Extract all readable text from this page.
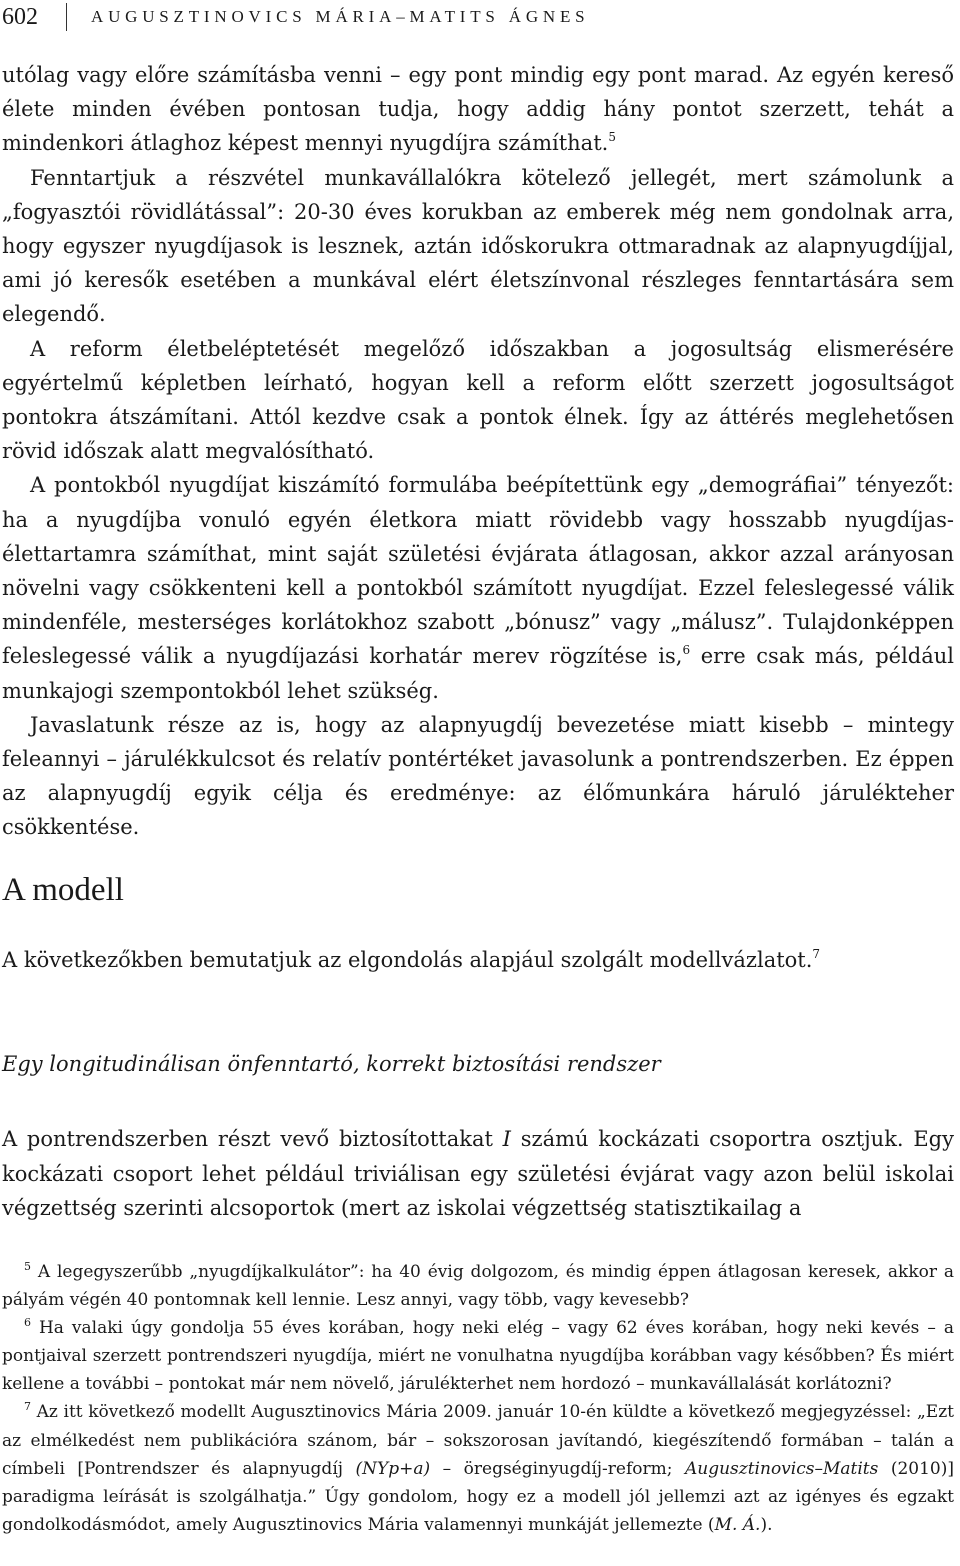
602	AUGUSZTINOVICS MÁRIA–MATITS ÁGNES

utólag vagy előre számításba venni – egy pont mindig egy pont marad. Az egyén kereső élete minden évében pontosan tudja, hogy addig hány pontot szerzett, tehát a mindenkori átlaghoz képest mennyi nyugdíjra számíthat.$^5$

Fenntartjuk a részvétel munkavállalókra kötelező jellegét, mert számolunk a „fogyasztói rövidlátással”: 20-30 éves korukban az emberek még nem gondolnak arra, hogy egyszer nyugdíjasok is lesznek, aztán időskorukra ottmaradnak az alapnyugdíjjal, ami jó keresők esetében a munkával elért életszínvonal részleges fenntartására sem elegendő.

A reform életbeléptetését megelőző időszakban a jogosultság elismerésére egyértelmű képletben leírható, hogyan kell a reform előtt szerzett jogosultságot pontokra átszámítani. Attól kezdve csak a pontok élnek. Így az áttérés meglehetősen rövid időszak alatt megvalósítható.

A pontokból nyugdíjat kiszámító formulába beépítettünk egy „demográfiai” tényezőt: ha a nyugdíjba vonuló egyén életkora miatt rövidebb vagy hosszabb nyugdíjas-élettartamra számíthat, mint saját születési évjárata átlagosan, akkor azzal arányosan növelni vagy csökkenteni kell a pontokból számított nyugdíjat. Ezzel feleslegessé válik mindenféle, mesterséges korlátokhoz szabott „bónusz” vagy „málusz”. Tulajdonképpen feleslegessé válik a nyugdíjazási korhatár merev rögzítése is,$^6$ erre csak más, például munkajogi szempontokból lehet szükség.

Javaslatunk része az is, hogy az alapnyugdíj bevezetése miatt kisebb – mintegy feleannyi – járulékkulcsot és relatív pontértéket javasolunk a pontrendszerben. Ez éppen az alapnyugdíj egyik célja és eredménye: az élőmunkára háruló járulékteher csökkentése.

A modell

A következőkben bemutatjuk az elgondolás alapjául szolgált modellvázlatot.$^7$

Egy longitudinálisan önfenntartó, korrekt biztosítási rendszer

A pontrendszerben részt vevő biztosítottakat I számú kockázati csoportra osztjuk. Egy kockázati csoport lehet például triviálisan egy születési évjárat vagy azon belül iskolai végzettség szerinti alcsoportok (mert az iskolai végzettség statisztikailag a

$^5$ A legegyszerűbb „nyugdíjkalkulátor”: ha 40 évig dolgozom, és mindig éppen átlagosan keresek, akkor a pályám végén 40 pontomnak kell lennie. Lesz annyi, vagy több, vagy kevesebb?

$^6$ Ha valaki úgy gondolja 55 éves korában, hogy neki elég – vagy 62 éves korában, hogy neki kevés – a pontjaival szerzett pontrendszeri nyugdíja, miért ne vonulhatna nyugdíjba korábban vagy későbben? És miért kellene a további – pontokat már nem növelő, járulékterhet nem hordozó – munkavállalását korlátozni?

$^7$ Az itt következő modellt Augusztinovics Mária 2009. január 10-én küldte a következő megjegyzéssel: „Ezt az elmélkedést nem publikációra szánom, bár – sokszorosan javítandó, kiegészítendő formában – talán a címbeli [Pontrendszer és alapnyugdíj (NYp+a) – öregséginyugdíj-reform; Augusztinovics–Matits (2010)] paradigma leírását is szolgálhatja.” Úgy gondolom, hogy ez a modell jól jellemzi azt az igényes és egzakt gondolkodásmódot, amely Augusztinovics Mária valamennyi munkáját jellemezte (M. Á.).
